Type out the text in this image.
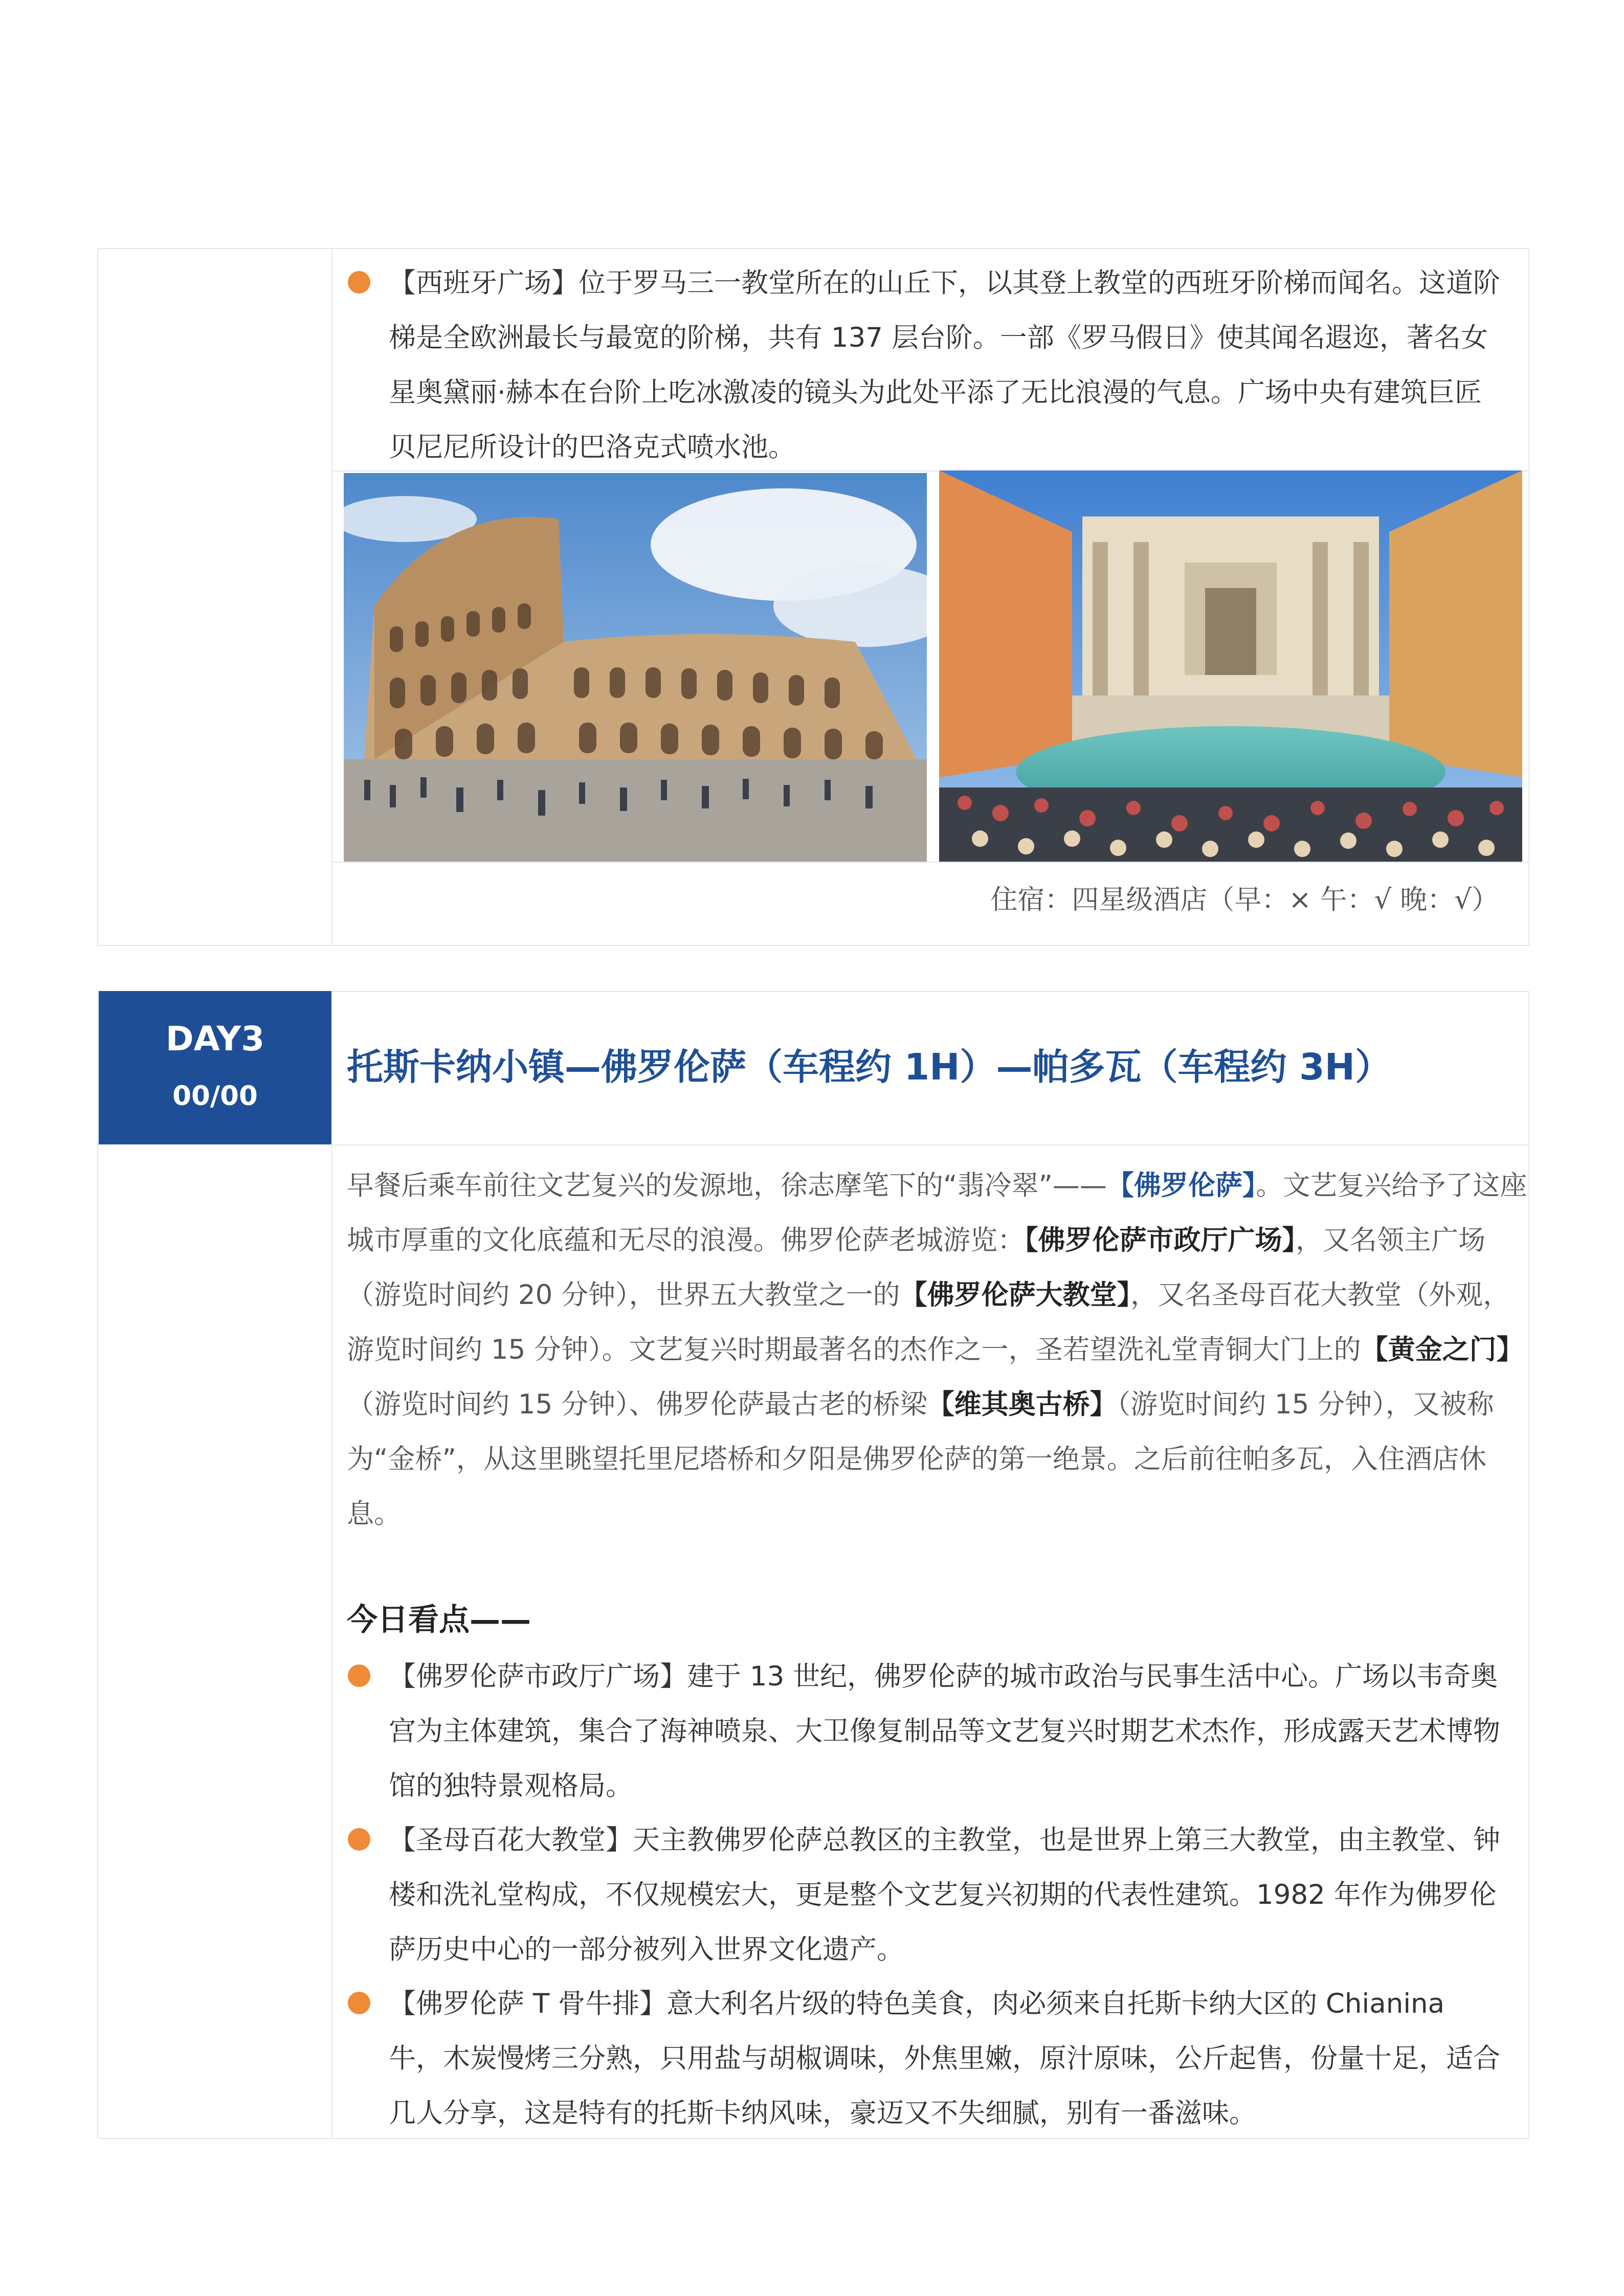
【西班牙广场】位于罗马三一教堂所在的山丘下，以其登上教堂的西班牙阶梯而闻名。这道阶梯是全欧洲最长与最宽的阶梯，共有 137 层台阶。一部《罗马假日》使其闻名遐迩，著名女星奥黛丽·赫本在台阶上吃冰激凌的镜头为此处平添了无比浪漫的气息。广场中央有建筑巨匠贝尼尼所设计的巴洛克式喷水池。
住宿：四星级酒店（早：× 午：√ 晚：√）
DAY3
00/00
托斯卡纳小镇—佛罗伦萨（车程约 1H）—帕多瓦（车程约 3H）
早餐后乘车前往文艺复兴的发源地，徐志摩笔下的“翡冷翠”——【佛罗伦萨】。文艺复兴给予了这座城市厚重的文化底蕴和无尽的浪漫。佛罗伦萨老城游览：【佛罗伦萨市政厅广场】，又名领主广场（游览时间约 20 分钟），世界五大教堂之一的【佛罗伦萨大教堂】，又名圣母百花大教堂（外观，游览时间约 15 分钟）。文艺复兴时期最著名的杰作之一，圣若望洗礼堂青铜大门上的【黄金之门】（游览时间约 15 分钟）、佛罗伦萨最古老的桥梁【维其奥古桥】（游览时间约 15 分钟），又被称为“金桥”，从这里眺望托里尼塔桥和夕阳是佛罗伦萨的第一绝景。之后前往帕多瓦，入住酒店休息。
今日看点——
【佛罗伦萨市政厅广场】建于 13 世纪，佛罗伦萨的城市政治与民事生活中心。广场以韦奇奥宫为主体建筑，集合了海神喷泉、大卫像复制品等文艺复兴时期艺术杰作，形成露天艺术博物馆的独特景观格局。
【圣母百花大教堂】天主教佛罗伦萨总教区的主教堂，也是世界上第三大教堂，由主教堂、钟楼和洗礼堂构成，不仅规模宏大，更是整个文艺复兴初期的代表性建筑。1982 年作为佛罗伦萨历史中心的一部分被列入世界文化遗产。
【佛罗伦萨 T 骨牛排】意大利名片级的特色美食，肉必须来自托斯卡纳大区的 Chianina 牛，木炭慢烤三分熟，只用盐与胡椒调味，外焦里嫩，原汁原味，公斤起售，份量十足，适合几人分享，这是特有的托斯卡纳风味，豪迈又不失细腻，别有一番滋味。
